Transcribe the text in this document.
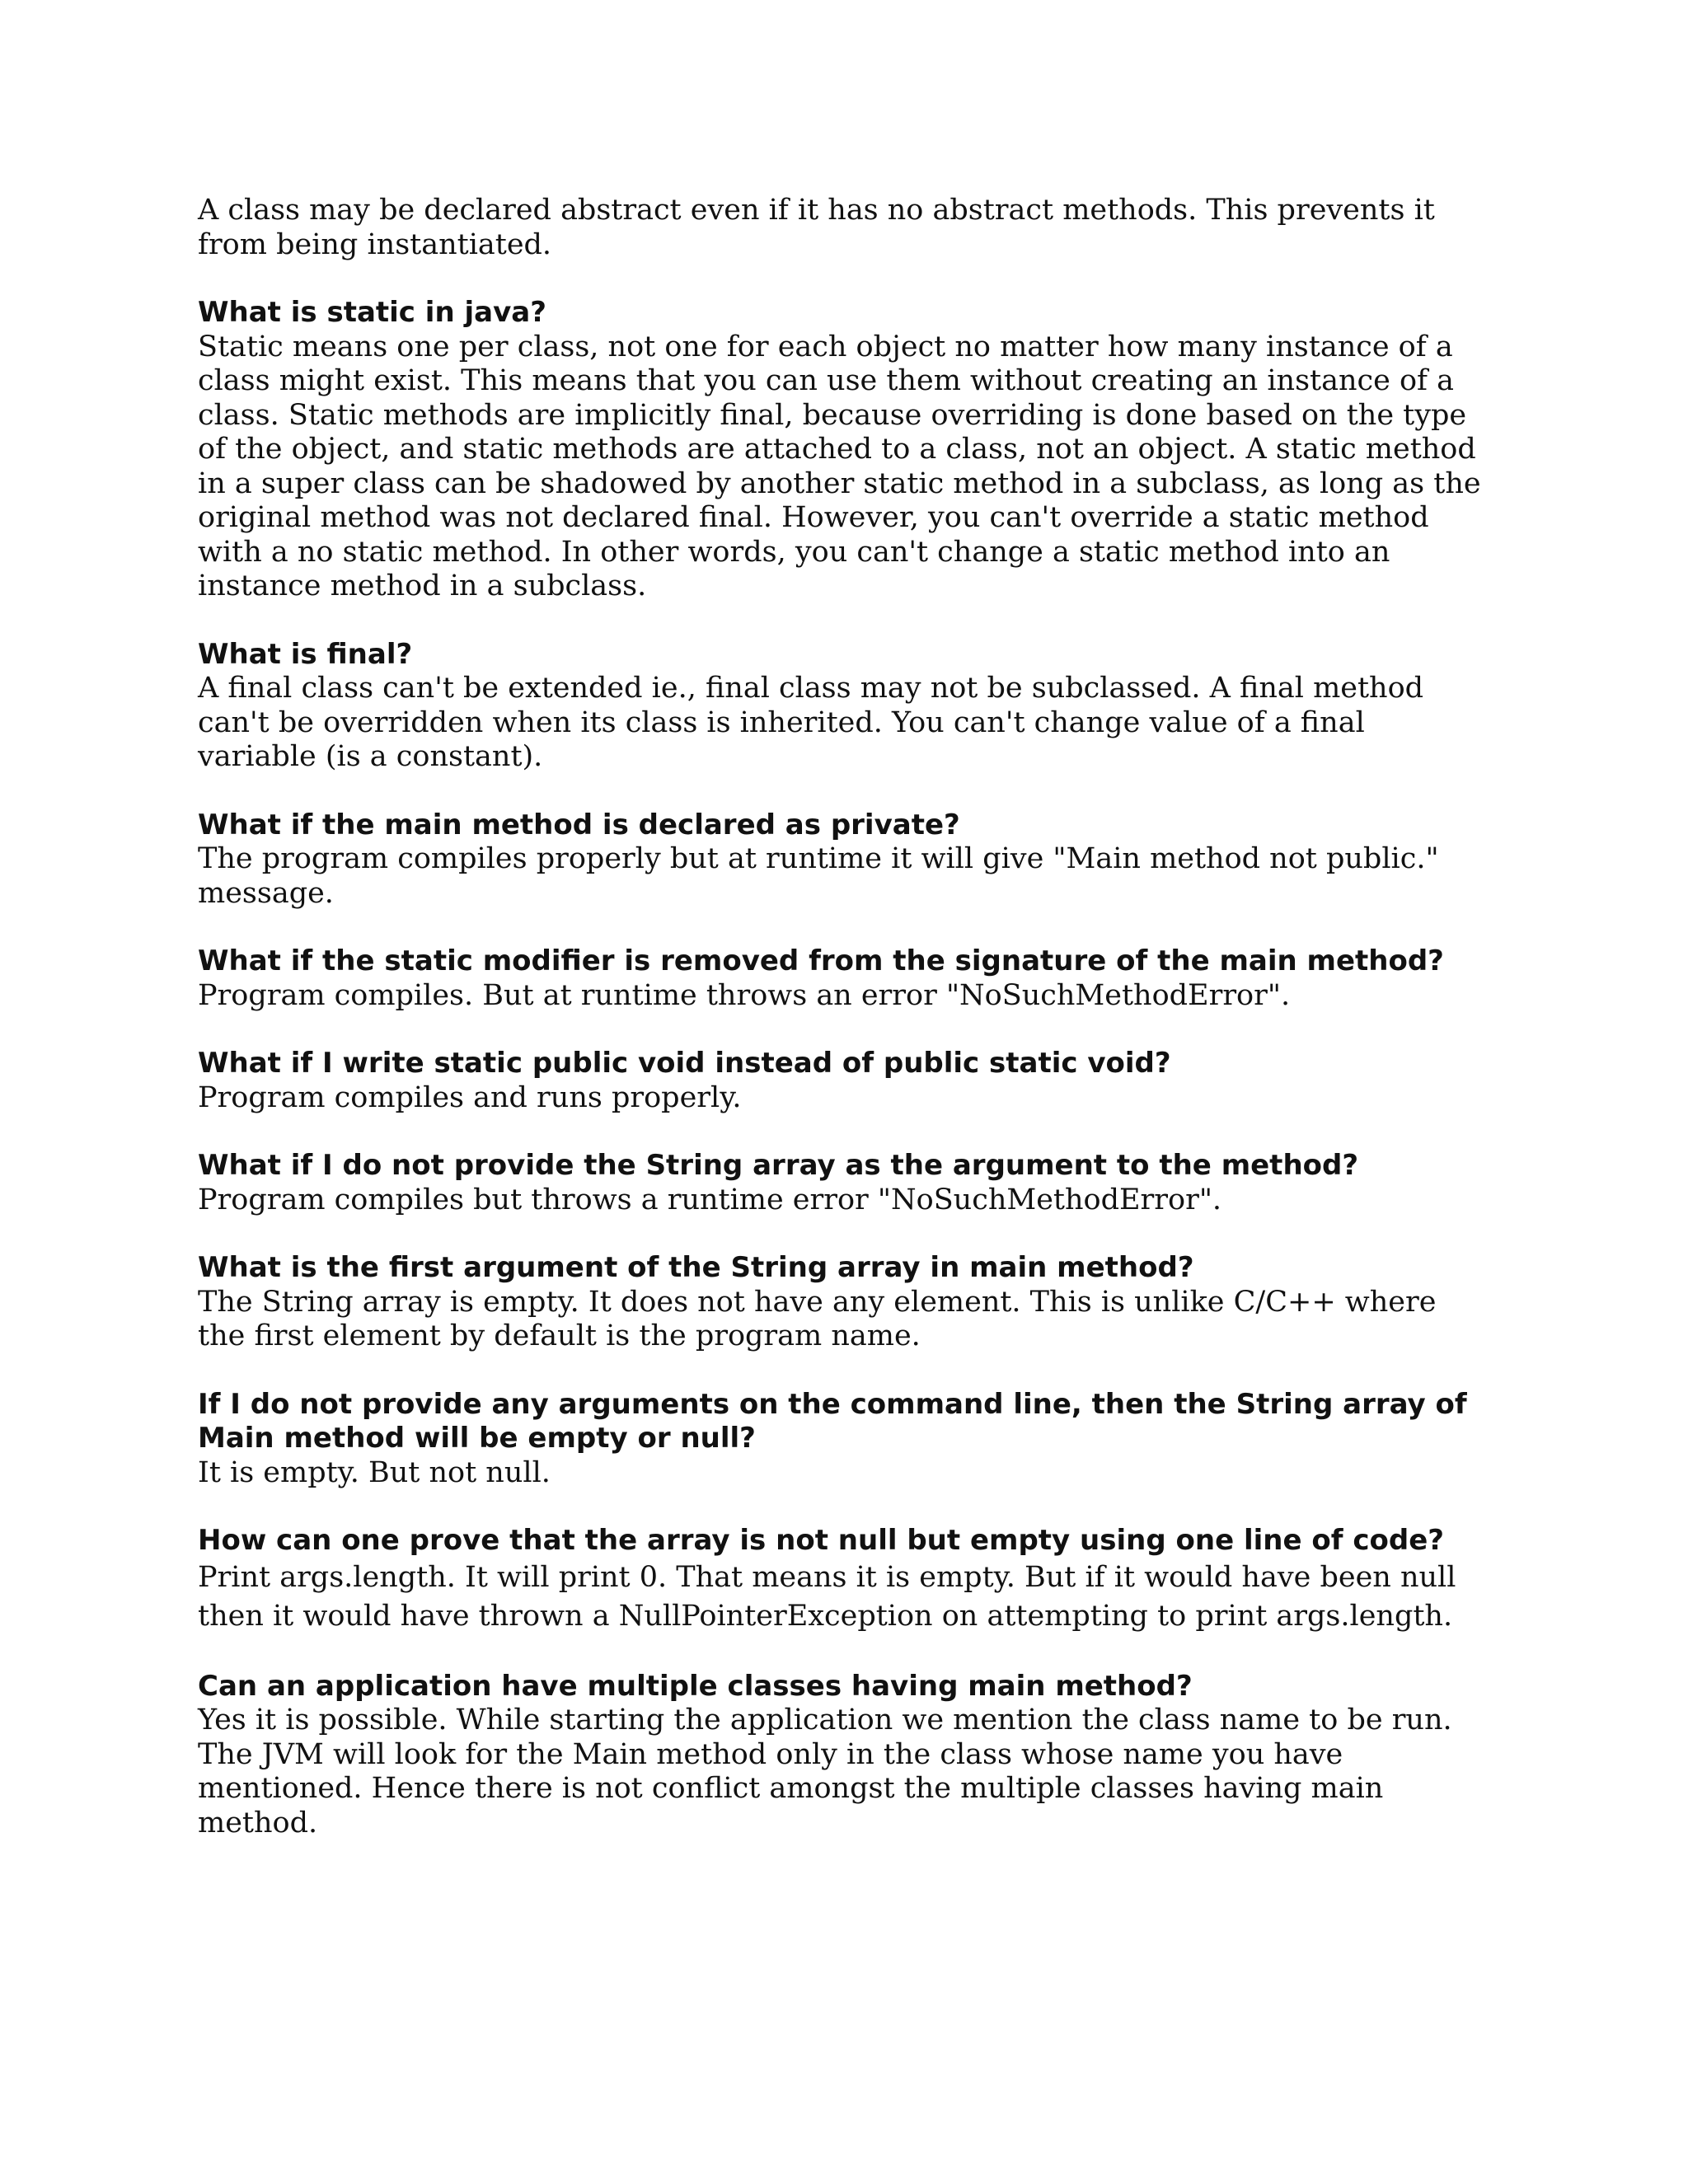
A class may be declared abstract even if it has no abstract methods. This prevents it from being instantiated.

What is static in java?

Static means one per class, not one for each object no matter how many instance of a class might exist. This means that you can use them without creating an instance of a class. Static methods are implicitly final, because overriding is done based on the type of the object, and static methods are attached to a class, not an object. A static method in a super class can be shadowed by another static method in a subclass, as long as the original method was not declared final. However, you can't override a static method with a no static method. In other words, you can't change a static method into an instance method in a subclass.

What is final?

A final class can't be extended ie., final class may not be subclassed. A final method can't be overridden when its class is inherited. You can't change value of a final variable (is a constant).

What if the main method is declared as private?

The program compiles properly but at runtime it will give "Main method not public." message.

What if the static modifier is removed from the signature of the main method?

Program compiles. But at runtime throws an error "NoSuchMethodError".

What if I write static public void instead of public static void?

Program compiles and runs properly.

What if I do not provide the String array as the argument to the method?

Program compiles but throws a runtime error "NoSuchMethodError".

What is the first argument of the String array in main method?

The String array is empty. It does not have any element. This is unlike C/C++ where the first element by default is the program name.

If I do not provide any arguments on the command line, then the String array of Main method will be empty or null?

It is empty. But not null.

How can one prove that the array is not null but empty using one line of code?

Print args.length. It will print 0. That means it is empty. But if it would have been null then it would have thrown a NullPointerException on attempting to print args.length.

Can an application have multiple classes having main method?

Yes it is possible. While starting the application we mention the class name to be run. The JVM will look for the Main method only in the class whose name you have mentioned. Hence there is not conflict amongst the multiple classes having main method.
